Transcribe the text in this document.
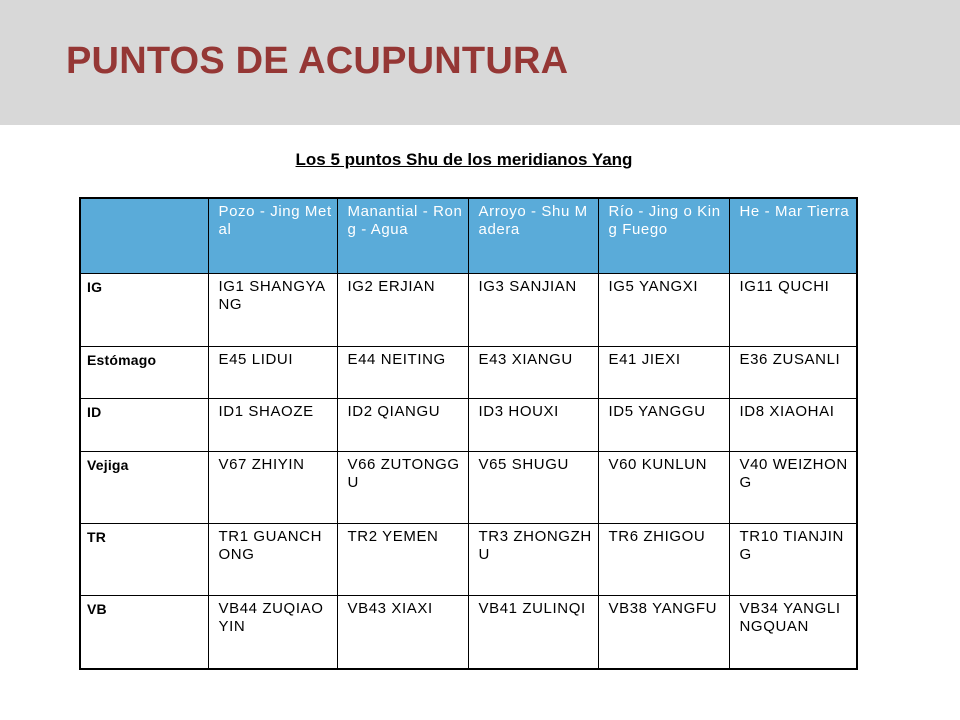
PUNTOS DE ACUPUNTURA
Los 5 puntos Shu de los meridianos Yang
	Pozo - Jing Metal	Manantial - Rong - Agua	Arroyo - Shu Madera	Río - Jing o King Fuego	He - Mar Tierra
IG	IG1 SHANGYANG	IG2 ERJIAN	IG3 SANJIAN	IG5 YANGXI	IG11 QUCHI
Estómago	E45 LIDUI	E44 NEITING	E43 XIANGU	E41 JIEXI	E36 ZUSANLI
ID	ID1 SHAOZE	ID2 QIANGU	ID3 HOUXI	ID5 YANGGU	ID8 XIAOHAI
Vejiga	V67 ZHIYIN	V66 ZUTONGGU	V65 SHUGU	V60 KUNLUN	V40 WEIZHONG
TR	TR1 GUANCHONG	TR2 YEMEN	TR3 ZHONGZHU	TR6 ZHIGOU	TR10 TIANJING
VB	VB44 ZUQIAOYIN	VB43 XIAXI	VB41 ZULINQI	VB38 YANGFU	VB34 YANGLINGQUAN
